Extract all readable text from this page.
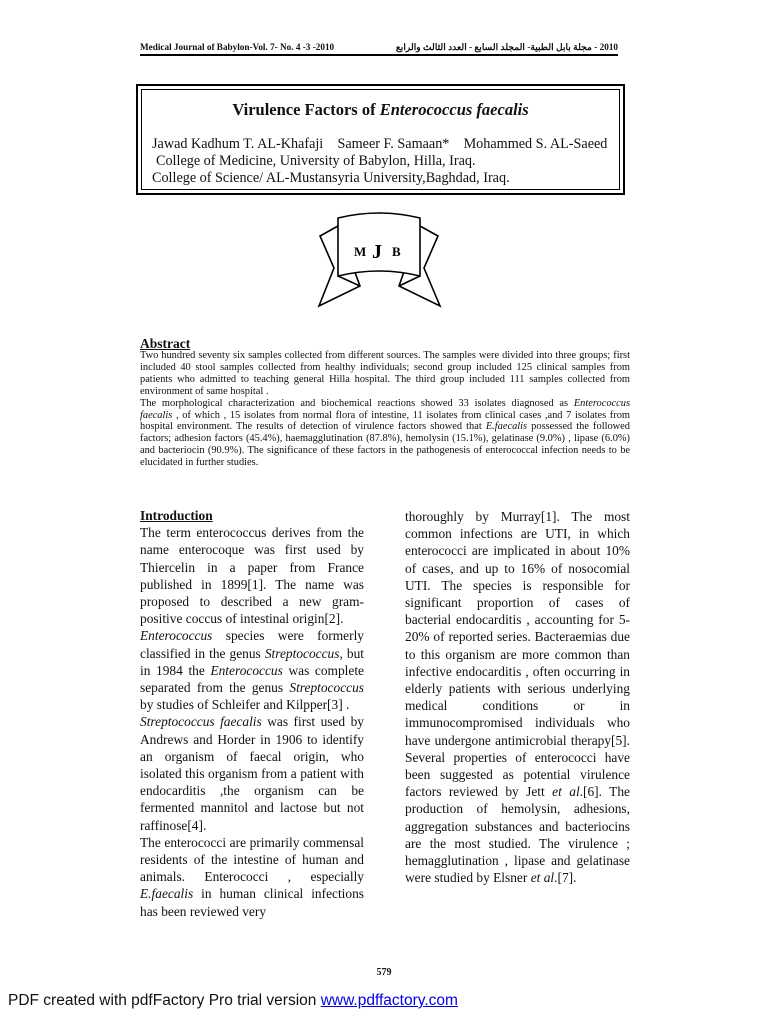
Medical Journal of Babylon-Vol. 7- No. 4 -3 -2010	2010 - مجلة بابل الطبية- المجلد السابع - العدد الثالث والرابع
Virulence Factors of Enterococcus faecalis
Jawad Kadhum T. AL-Khafaji    Sameer F. Samaan*    Mohammed S. AL-Saeed
College of Medicine, University of Babylon, Hilla, Iraq.
College of Science/ AL-Mustansyria University,Baghdad, Iraq.
M J B
Abstract

Two hundred seventy six samples collected from different sources. The samples were divided into three groups; first included 40 stool samples collected from healthy individuals; second group included 125 clinical samples from patients who admitted to teaching general Hilla hospital. The third group included 111 samples collected from environment of same hospital .

The morphological characterization and biochemical reactions showed 33 isolates diagnosed as Enterococcus faecalis , of which , 15 isolates from normal flora of intestine, 11 isolates from clinical cases ,and 7 isolates from hospital environment. The results of detection of virulence factors showed that E.faecalis possessed the followed factors; adhesion factors (45.4%), haemagglutination (87.8%), hemolysin (15.1%), gelatinase (9.0%) , lipase (6.0%) and bacteriocin (90.9%). The significance of these factors in the pathogenesis of enterococcal infection needs to be elucidated in further studies.

Introduction

The term enterococcus derives from the name enterocoque was first used by Thiercelin in a paper from France published in 1899[1]. The name was proposed to described a new gram-positive coccus of intestinal origin[2].

Enterococcus species were formerly classified in the genus Streptococcus, but in 1984 the Enterococcus was complete separated from the genus Streptococcus by studies of Schleifer and Kilpper[3] .

Streptococcus faecalis was first used by Andrews and Horder in 1906 to identify an organism of faecal origin, who isolated this organism from a patient with endocarditis ,the organism can be fermented mannitol and lactose but not raffinose[4].

The enterococci are primarily commensal residents of the intestine of human and animals. Enterococci , especially E.faecalis in human clinical infections has been reviewed very

thoroughly by Murray[1]. The most common infections are UTI, in which enterococci are implicated in about 10% of cases, and up to 16% of nosocomial UTI. The species is responsible for significant proportion of cases of bacterial endocarditis , accounting for 5-20% of reported series. Bacteraemias due to this organism are more common than infective endocarditis , often occurring in elderly patients with serious underlying medical conditions or in immunocompromised individuals who have undergone antimicrobial therapy[5]. Several properties of enterococci have been suggested as potential virulence factors reviewed by Jett et al.[6]. The production of hemolysin, adhesions, aggregation substances and bacteriocins are the most studied. The virulence ; hemagglutination , lipase and gelatinase were studied by Elsner et al.[7].

579
PDF created with pdfFactory Pro trial version www.pdffactory.com
